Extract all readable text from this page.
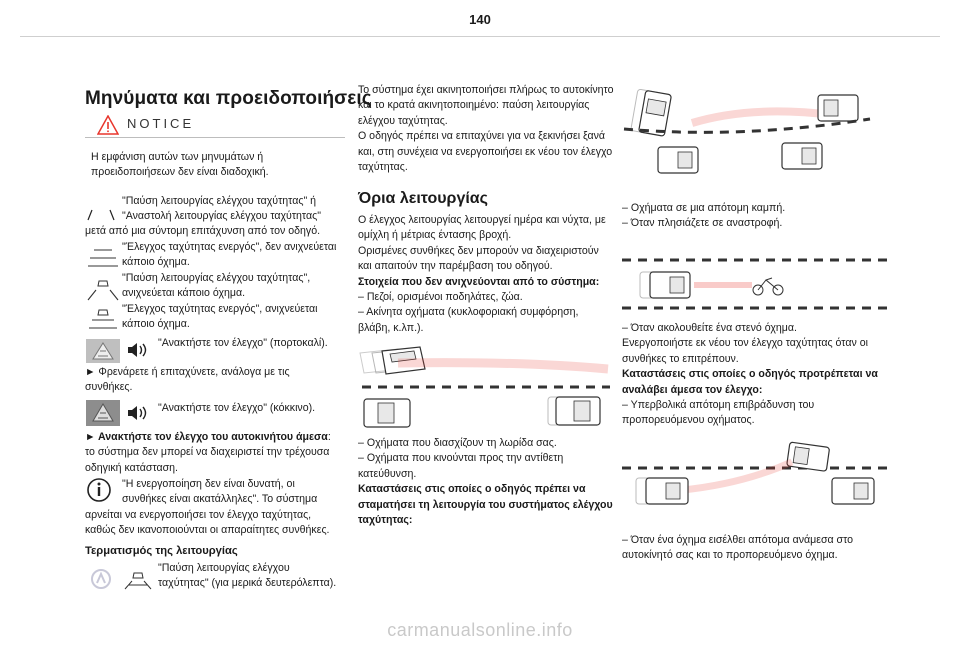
140
Μηνύματα και προειδοποιήσεις
NOTICE

Η εμφάνιση αυτών των μηνυμάτων ή

προειδοποιήσεων δεν είναι διαδοχική.

"Παύση λειτουργίας ελέγχου ταχύτητας" ή

"Αναστολή λειτουργίας ελέγχου ταχύτητας"

μετά από μια σύντομη επιτάχυνση από τον οδηγό.

"Έλεγχος ταχύτητας ενεργός", δεν ανιχνεύεται

κάποιο όχημα.

"Παύση λειτουργίας ελέγχου ταχύτητας",

ανιχνεύεται κάποιο όχημα.

"Έλεγχος ταχύτητας ενεργός", ανιχνεύεται

κάποιο όχημα.

"Ανακτήστε τον έλεγχο" (πορτοκαλί).

► Φρενάρετε ή επιταχύνετε, ανάλογα με τις

συνθήκες.

"Ανακτήστε τον έλεγχο" (κόκκινο).

► Ανακτήστε τον έλεγχο του αυτοκινήτου άμεσα:

το σύστημα δεν μπορεί να διαχειριστεί την τρέχουσα

οδηγική κατάσταση.

"Η ενεργοποίηση δεν είναι δυνατή, οι

συνθήκες είναι ακατάλληλες". Το σύστημα

αρνείται να ενεργοποιήσει τον έλεγχο ταχύτητας,

καθώς δεν ικανοποιούνται οι απαραίτητες συνθήκες.

Τερματισμός της λειτουργίας

"Παύση λειτουργίας ελέγχου

ταχύτητας" (για μερικά δευτερόλεπτα).

Το σύστημα έχει ακινητοποιήσει πλήρως το αυτοκίνητο

και το κρατά ακινητοποιημένο: παύση λειτουργίας

ελέγχου ταχύτητας.

Ο οδηγός πρέπει να επιταχύνει για να ξεκινήσει ξανά

και, στη συνέχεια να ενεργοποιήσει εκ νέου τον έλεγχο

ταχύτητας.

Όρια λειτουργίας

Ο έλεγχος λειτουργίας λειτουργεί ημέρα και νύχτα, με

ομίχλη ή μέτριας έντασης βροχή.

Ορισμένες συνθήκες δεν μπορούν να διαχειριστούν

και απαιτούν την παρέμβαση του οδηγού.

Στοιχεία που δεν ανιχνεύονται από το σύστημα:

– Πεζοί, ορισμένοι ποδηλάτες, ζώα.

– Ακίνητα οχήματα (κυκλοφοριακή συμφόρηση,

βλάβη, κ.λπ.).

– Οχήματα που διασχίζουν τη λωρίδα σας.

– Οχήματα που κινούνται προς την αντίθετη

κατεύθυνση.

Καταστάσεις στις οποίες ο οδηγός πρέπει να

σταματήσει τη λειτουργία του συστήματος ελέγχου

ταχύτητας:

– Οχήματα σε μια απότομη καμπή.

– Όταν πλησιάζετε σε αναστροφή.

– Όταν ακολουθείτε ένα στενό όχημα.

Ενεργοποιήστε εκ νέου τον έλεγχο ταχύτητας όταν οι

συνθήκες το επιτρέπουν.

Καταστάσεις στις οποίες ο οδηγός προτρέπεται να

αναλάβει άμεσα τον έλεγχο:

– Υπερβολικά απότομη επιβράδυνση του

προπορευόμενου οχήματος.

– Όταν ένα όχημα εισέλθει απότομα ανάμεσα στο

αυτοκίνητό σας και το προπορευόμενο όχημα.

carmanualsonline.info
